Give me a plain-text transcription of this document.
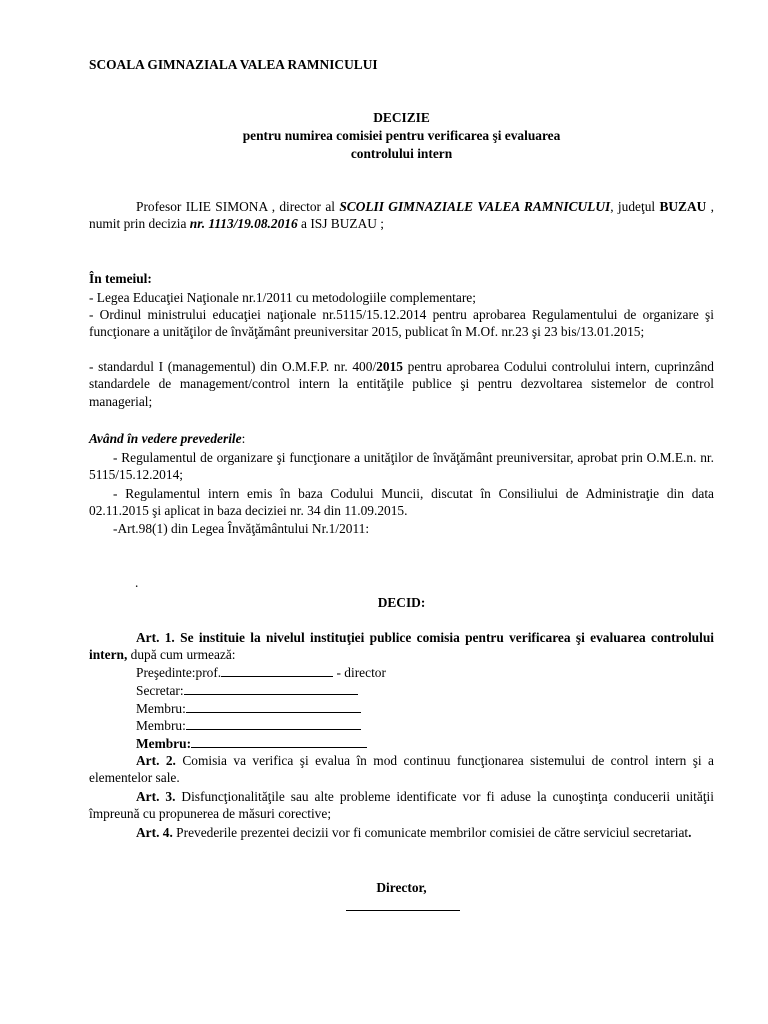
SCOALA GIMNAZIALA VALEA RAMNICULUI
DECIZIE
pentru numirea comisiei pentru verificarea şi evaluarea
controlului intern
Profesor ILIE SIMONA , director al SCOLII GIMNAZIALE VALEA RAMNICULUI, judeţul BUZAU , numit prin decizia nr. 1113/19.08.2016 a ISJ BUZAU ;
În temeiul:
- Legea Educaţiei Naţionale nr.1/2011 cu metodologiile complementare;
- Ordinul ministrului educaţiei naţionale nr.5115/15.12.2014 pentru aprobarea Regulamentului de organizare şi funcţionare a unităţilor de învăţământ preuniversitar 2015, publicat în M.Of. nr.23 şi 23 bis/13.01.2015;
- standardul I (managementul) din O.M.F.P. nr. 400/2015 pentru aprobarea Codului controlului intern, cuprinzând standardele de management/control intern la entităţile publice şi pentru dezvoltarea sistemelor de control managerial;
Având în vedere prevederile:
- Regulamentul de organizare şi funcţionare a unităţilor de învăţământ preuniversitar, aprobat prin O.M.E.n. nr. 5115/15.12.2014;
- Regulamentul intern emis în baza Codului Muncii, discutat în Consiliului de Administraţie din data 02.11.2015 şi aplicat in baza deciziei nr. 34 din 11.09.2015.
-Art.98(1) din Legea Învăţământului Nr.1/2011:
.
DECID:
Art. 1. Se instituie la nivelul instituţiei publice comisia pentru verificarea şi evaluarea controlului intern, după cum urmează:
Preşedinte:prof.	- director
Secretar:
Membru:
Membru:
Membru:
Art. 2. Comisia va verifica şi evalua în mod continuu funcţionarea sistemului de control intern şi a elementelor sale.
Art. 3. Disfuncţionalităţile sau alte probleme identificate vor fi aduse la cunoştinţa conducerii unităţii împreună cu propunerea de măsuri corective;
Art. 4. Prevederile prezentei decizii vor fi comunicate membrilor comisiei de către serviciul secretariat.
Director,
